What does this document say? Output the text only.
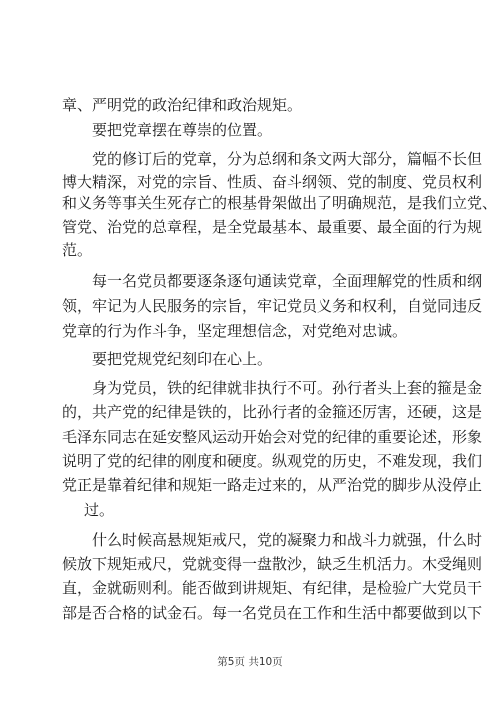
章、严明党的政治纪律和政治规矩。
　　要把党章摆在尊崇的位置。
　　党的修订后的党章，分为总纲和条文两大部分，篇幅不长但
博大精深，对党的宗旨、性质、奋斗纲领、党的制度、党员权利
和义务等事关生死存亡的根基骨架做出了明确规范，是我们立党、
管党、治党的总章程，是全党最基本、最重要、最全面的行为规
范。
　　每一名党员都要逐条逐句通读党章，全面理解党的性质和纲
领，牢记为人民服务的宗旨，牢记党员义务和权利，自觉同违反
党章的行为作斗争，坚定理想信念，对党绝对忠诚。
　　要把党规党纪刻印在心上。
　　身为党员，铁的纪律就非执行不可。孙行者头上套的箍是金
的，共产党的纪律是铁的，比孙行者的金箍还厉害，还硬，这是
毛泽东同志在延安整风运动开始会对党的纪律的重要论述，形象
说明了党的纪律的刚度和硬度。纵观党的历史，不难发现，我们
党正是靠着纪律和规矩一路走过来的，从严治党的脚步从没停止
过。
　　什么时候高悬规矩戒尺，党的凝聚力和战斗力就强，什么时
候放下规矩戒尺，党就变得一盘散沙，缺乏生机活力。木受绳则
直，金就砺则利。能否做到讲规矩、有纪律，是检验广大党员干
部是否合格的试金石。每一名党员在工作和生活中都要做到以下
第5页 共10页
